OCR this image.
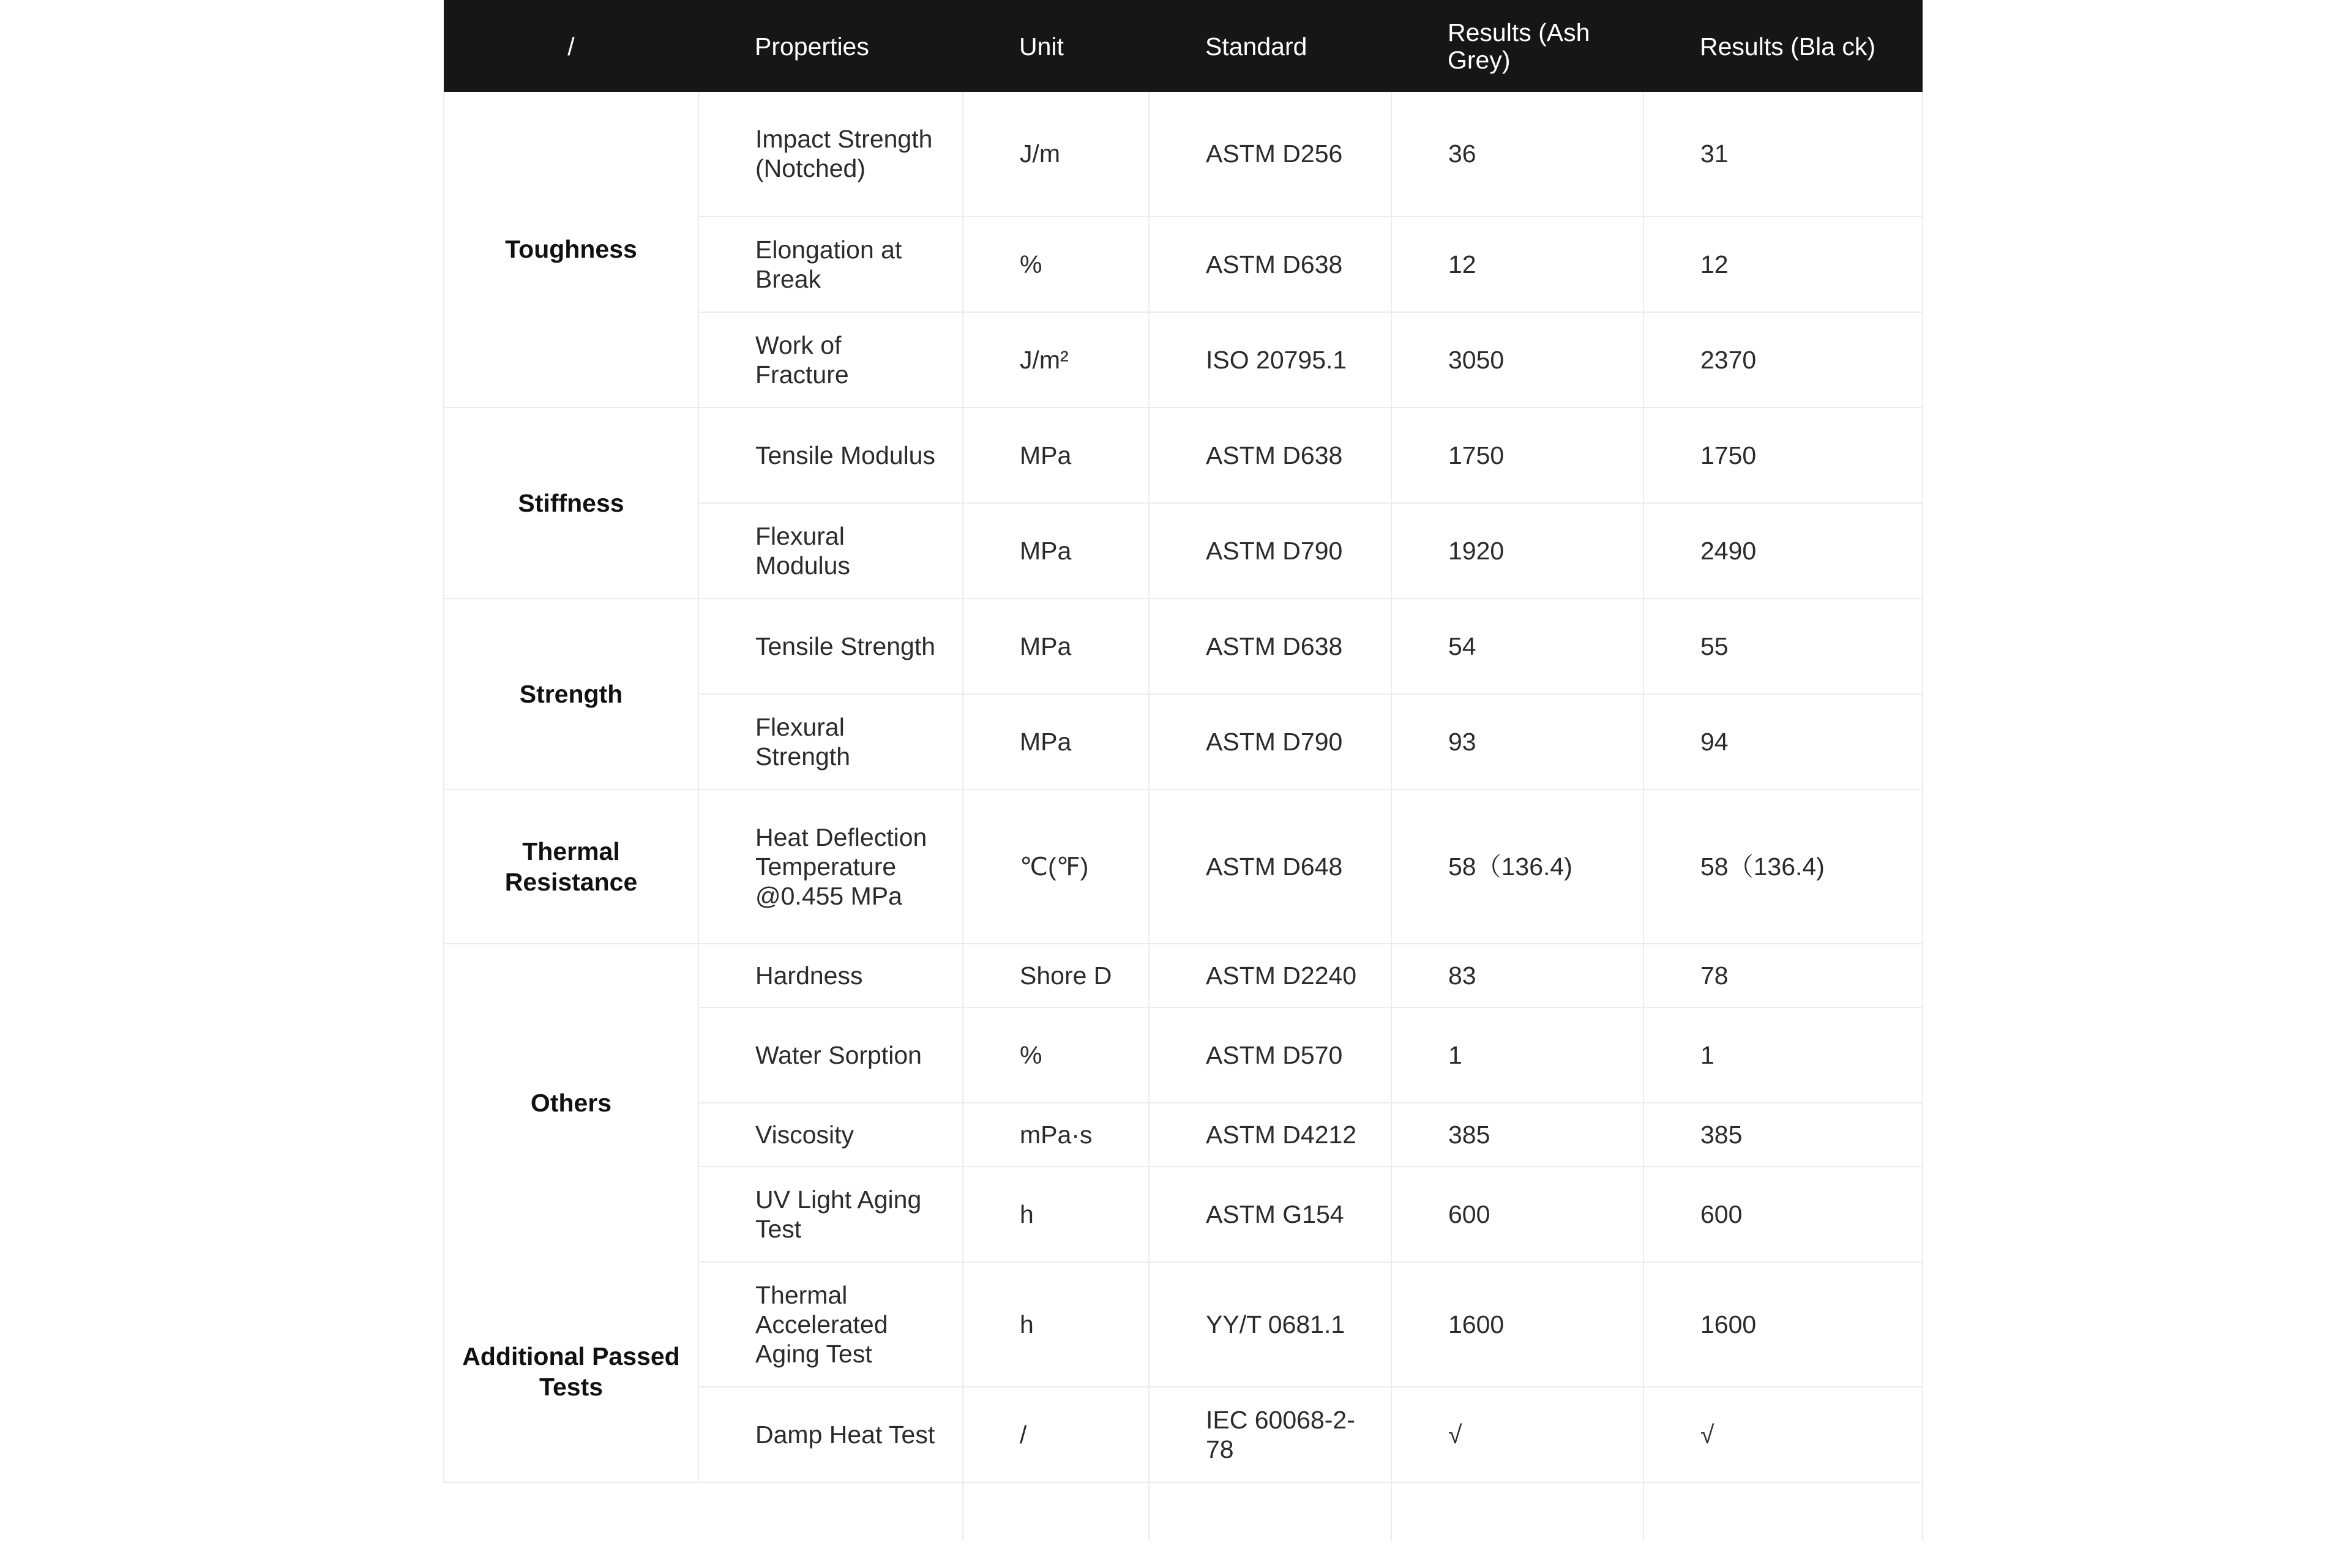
/	Properties	Unit	Standard	Results (Ash Grey)	Results (Bla ck)
Toughness	Impact Strength (Notched)	J/m	ASTM D256	36	31
	Elongation at Break	%	ASTM D638	12	12
	Work of Fracture	J/m²	ISO 20795.1	3050	2370
Stiffness	Tensile Modulus	MPa	ASTM D638	1750	1750
	Flexural Modulus	MPa	ASTM D790	1920	2490
Strength	Tensile Strength	MPa	ASTM D638	54	55
	Flexural Strength	MPa	ASTM D790	93	94
Thermal Resistance	Heat Deflection Temperature @0.455 MPa	℃(℉)	ASTM D648	58（136.4)	58（136.4)
Others	Hardness	Shore D	ASTM D2240	83	78
	Water Sorption	%	ASTM D570	1	1
	Viscosity	mPa·s	ASTM D4212	385	385
	UV Light Aging Test	h	ASTM G154	600	600
Additional Passed Tests	Thermal Accelerated Aging Test	h	YY/T 0681.1	1600	1600
	Damp Heat Test	/	IEC 60068-2-78	√	√
